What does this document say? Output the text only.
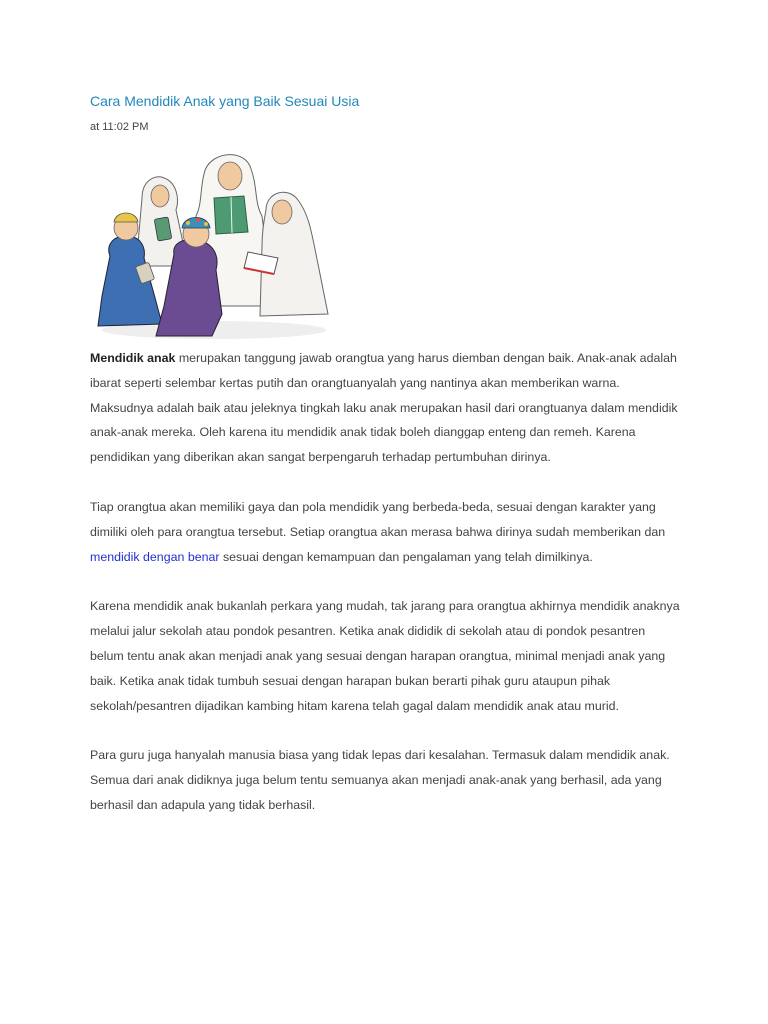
Cara Mendidik Anak yang Baik Sesuai Usia
at 11:02 PM

Mendidik anak merupakan tanggung jawab orangtua yang harus diemban dengan baik. Anak-anak adalah ibarat seperti selembar kertas putih dan orangtuanyalah yang nantinya akan memberikan warna. Maksudnya adalah baik atau jeleknya tingkah laku anak merupakan hasil dari orangtuanya dalam mendidik anak-anak mereka. Oleh karena itu mendidik anak tidak boleh dianggap enteng dan remeh. Karena pendidikan yang diberikan akan sangat berpengaruh terhadap pertumbuhan dirinya.

Tiap orangtua akan memiliki gaya dan pola mendidik yang berbeda-beda, sesuai dengan karakter yang dimiliki oleh para orangtua tersebut. Setiap orangtua akan merasa bahwa dirinya sudah memberikan dan mendidik dengan benar sesuai dengan kemampuan dan pengalaman yang telah dimilkinya.

Karena mendidik anak bukanlah perkara yang mudah, tak jarang para orangtua akhirnya mendidik anaknya melalui jalur sekolah atau pondok pesantren. Ketika anak dididik di sekolah atau di pondok pesantren belum tentu anak akan menjadi anak yang sesuai dengan harapan orangtua, minimal menjadi anak yang baik. Ketika anak tidak tumbuh sesuai dengan harapan bukan berarti pihak guru ataupun pihak sekolah/pesantren dijadikan kambing hitam karena telah gagal dalam mendidik anak atau murid.

Para guru juga hanyalah manusia biasa yang tidak lepas dari kesalahan. Termasuk dalam mendidik anak. Semua dari anak didiknya juga belum tentu semuanya akan menjadi anak-anak yang berhasil, ada yang berhasil dan adapula yang tidak berhasil.
